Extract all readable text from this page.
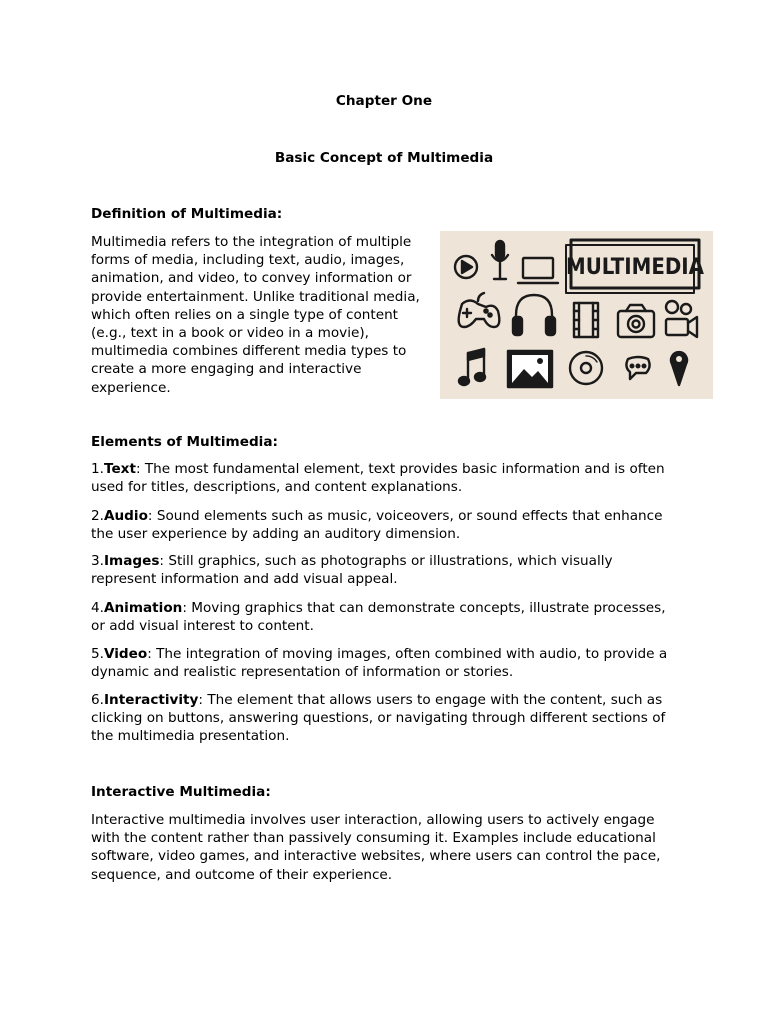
Chapter One
Basic Concept of Multimedia
Definition of Multimedia:
Multimedia refers to the integration of multiple
forms of media, including text, audio, images,
animation, and video, to convey information or
provide entertainment. Unlike traditional media,
which often relies on a single type of content
(e.g., text in a book or video in a movie),
multimedia combines different media types to
create a more engaging and interactive
experience.
MULTIMEDIA
Elements of Multimedia:
1.Text: The most fundamental element, text provides basic information and is often
used for titles, descriptions, and content explanations.
2.Audio: Sound elements such as music, voiceovers, or sound effects that enhance
the user experience by adding an auditory dimension.
3.Images: Still graphics, such as photographs or illustrations, which visually
represent information and add visual appeal.
4.Animation: Moving graphics that can demonstrate concepts, illustrate processes,
or add visual interest to content.
5.Video: The integration of moving images, often combined with audio, to provide a
dynamic and realistic representation of information or stories.
6.Interactivity: The element that allows users to engage with the content, such as
clicking on buttons, answering questions, or navigating through different sections of
the multimedia presentation.
Interactive Multimedia:
Interactive multimedia involves user interaction, allowing users to actively engage
with the content rather than passively consuming it. Examples include educational
software, video games, and interactive websites, where users can control the pace,
sequence, and outcome of their experience.
